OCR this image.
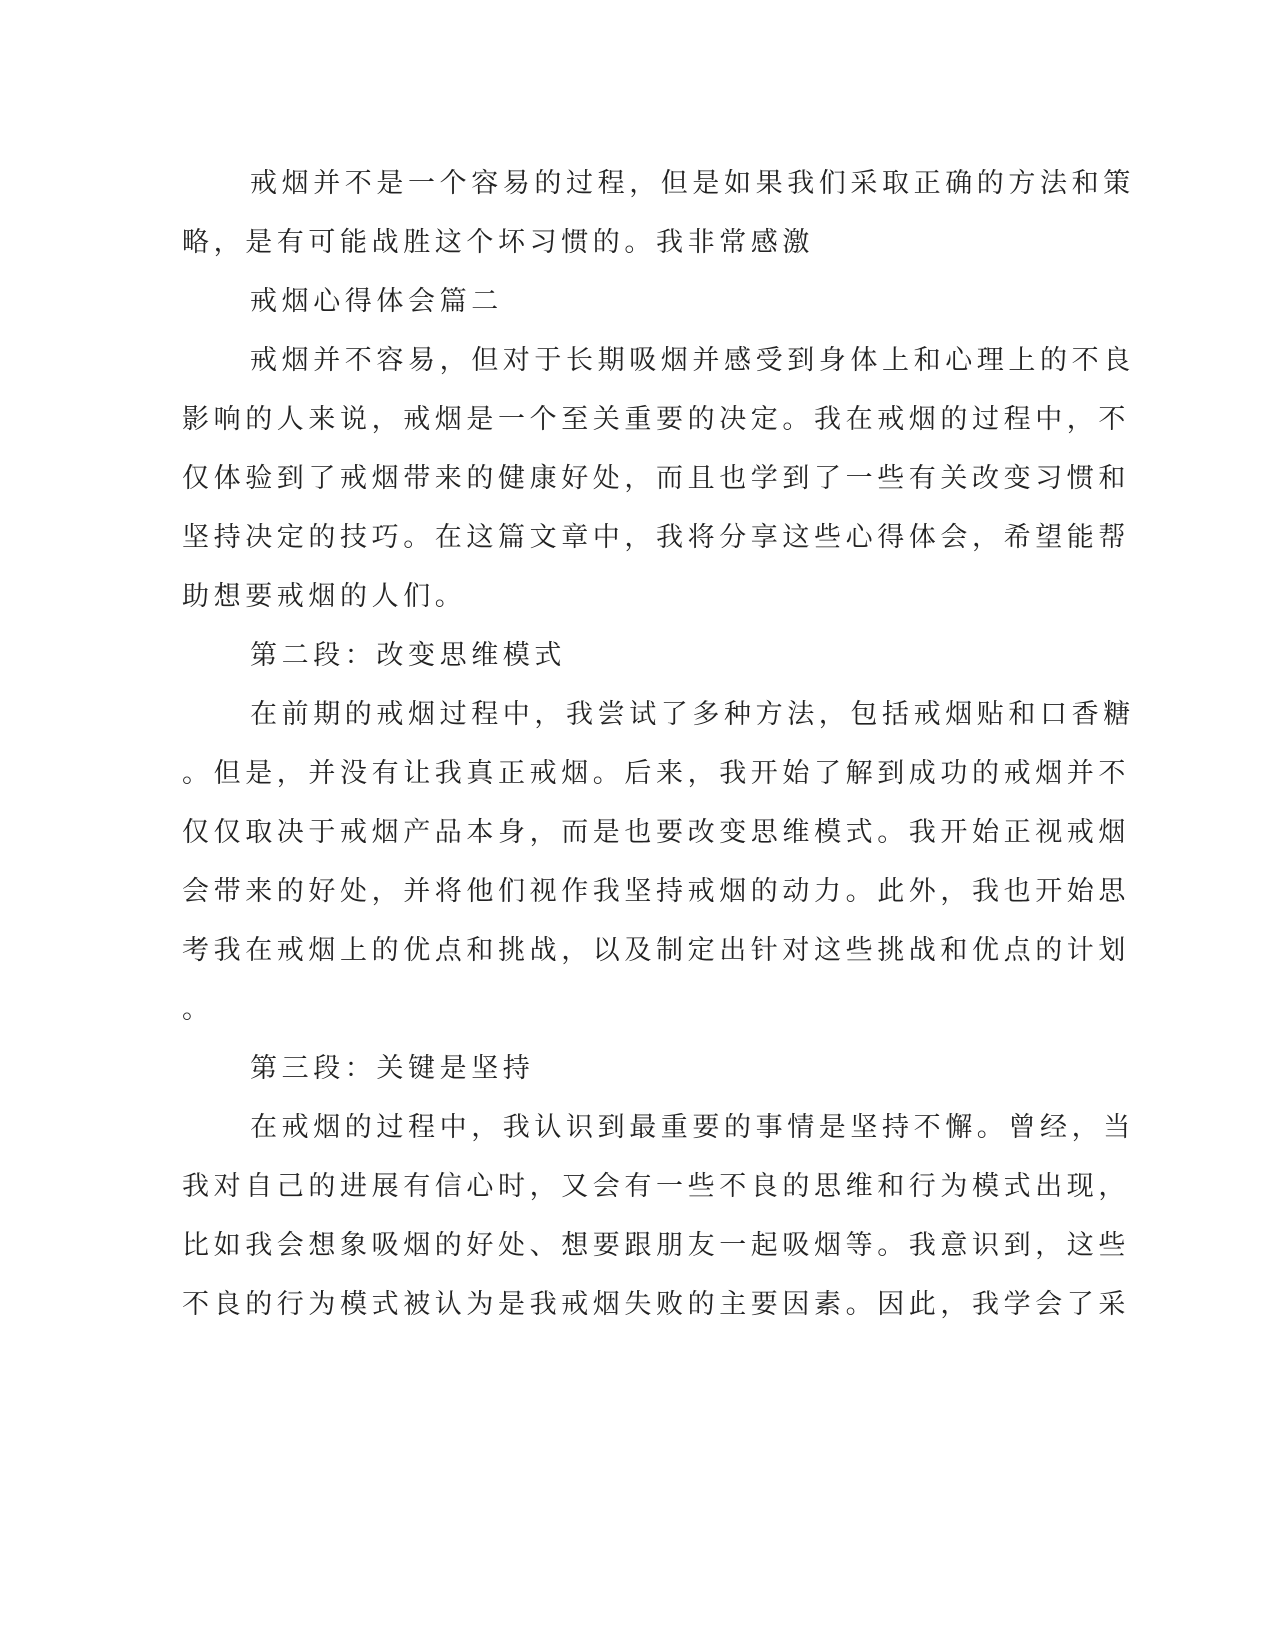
戒烟并不是一个容易的过程，但是如果我们采取正确的方法和策
略，是有可能战胜这个坏习惯的。我非常感激
戒烟心得体会篇二
戒烟并不容易，但对于长期吸烟并感受到身体上和心理上的不良
影响的人来说，戒烟是一个至关重要的决定。我在戒烟的过程中，不
仅体验到了戒烟带来的健康好处，而且也学到了一些有关改变习惯和
坚持决定的技巧。在这篇文章中，我将分享这些心得体会，希望能帮
助想要戒烟的人们。
第二段：改变思维模式
在前期的戒烟过程中，我尝试了多种方法，包括戒烟贴和口香糖
。但是，并没有让我真正戒烟。后来，我开始了解到成功的戒烟并不
仅仅取决于戒烟产品本身，而是也要改变思维模式。我开始正视戒烟
会带来的好处，并将他们视作我坚持戒烟的动力。此外，我也开始思
考我在戒烟上的优点和挑战，以及制定出针对这些挑战和优点的计划
。
第三段：关键是坚持
在戒烟的过程中，我认识到最重要的事情是坚持不懈。曾经，当
我对自己的进展有信心时，又会有一些不良的思维和行为模式出现，
比如我会想象吸烟的好处、想要跟朋友一起吸烟等。我意识到，这些
不良的行为模式被认为是我戒烟失败的主要因素。因此，我学会了采
